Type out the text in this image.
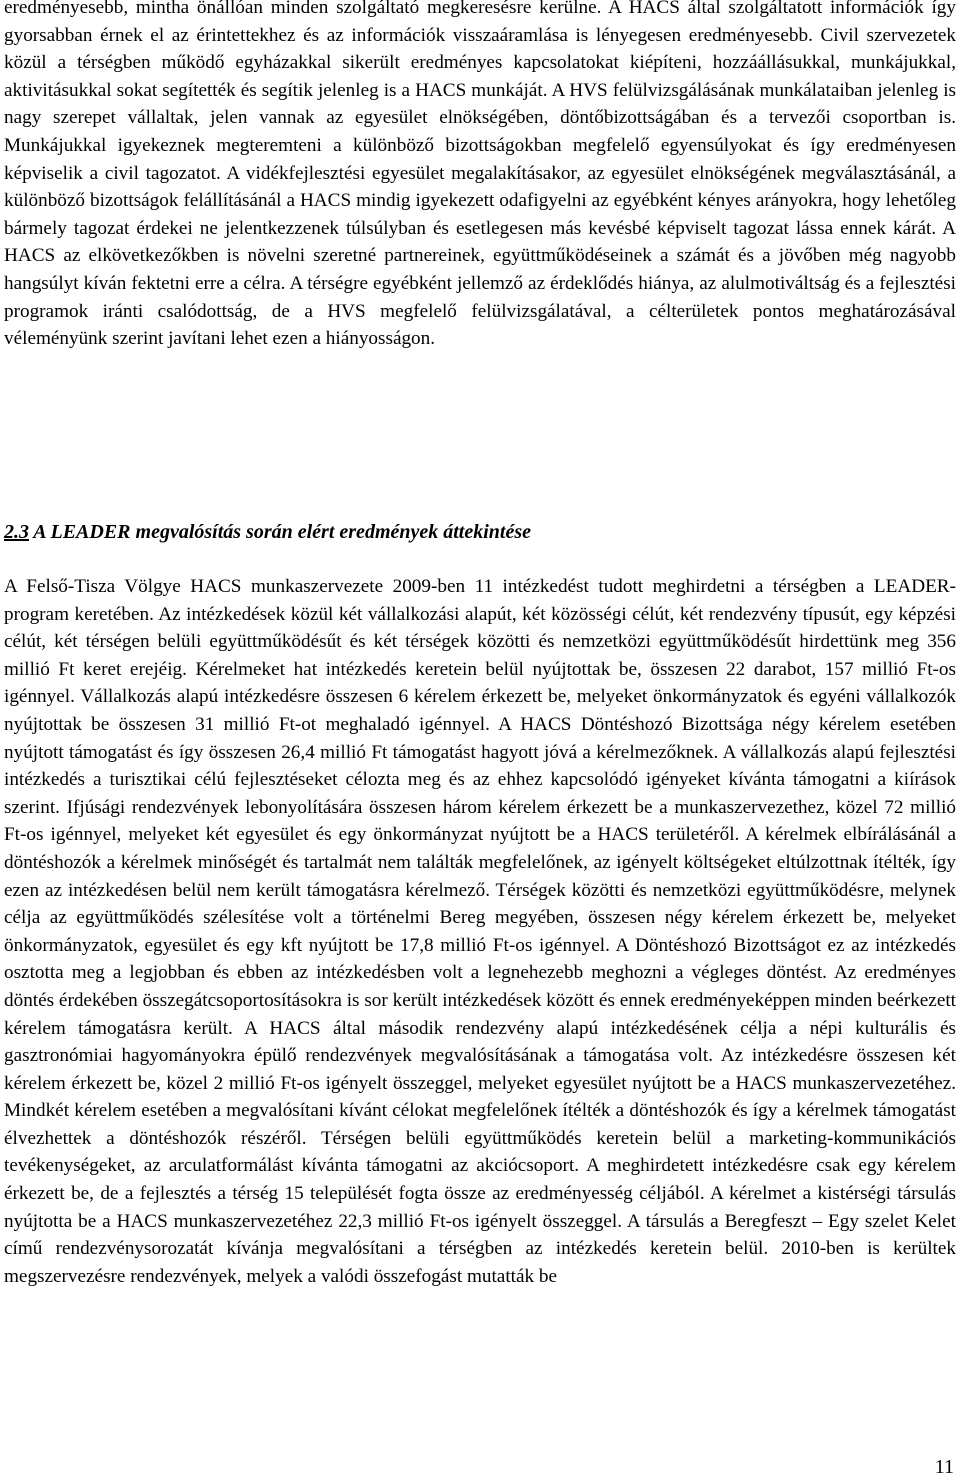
eredményesebb, mintha önállóan minden szolgáltató megkeresésre kerülne. A HACS által szolgáltatott információk így gyorsabban érnek el az érintettekhez és az információk visszaáramlása is lényegesen eredményesebb. Civil szervezetek közül a térségben működő egyházakkal sikerült eredményes kapcsolatokat kiépíteni, hozzáállásukkal, munkájukkal, aktivitásukkal sokat segítették és segítik jelenleg is a HACS munkáját. A HVS felülvizsgálásának munkálataiban jelenleg is nagy szerepet vállaltak, jelen vannak az egyesület elnökségében, döntőbizottságában és a tervezői csoportban is. Munkájukkal igyekeznek megteremteni a különböző bizottságokban megfelelő egyensúlyokat és így eredményesen képviselik a civil tagozatot. A vidékfejlesztési egyesület megalakításakor, az egyesület elnökségének megválasztásánál, a különböző bizottságok felállításánál a HACS mindig igyekezett odafigyelni az egyébként kényes arányokra, hogy lehetőleg bármely tagozat érdekei ne jelentkezzenek túlsúlyban és esetlegesen más kevésbé képviselt tagozat lássa ennek kárát. A HACS az elkövetkezőkben is növelni szeretné partnereinek, együttműködéseinek a számát és a jövőben még nagyobb hangsúlyt kíván fektetni erre a célra. A térségre egyébként jellemző az érdeklődés hiánya, az alulmotiváltság és a fejlesztési programok iránti csalódottság, de a HVS megfelelő felülvizsgálatával, a célterületek pontos meghatározásával véleményünk szerint javítani lehet ezen a hiányosságon.

2.3 A LEADER megvalósítás során elért eredmények áttekintése

A Felső-Tisza Völgye HACS munkaszervezete 2009-ben 11 intézkedést tudott meghirdetni a térségben a LEADER-program keretében. Az intézkedések közül két vállalkozási alapút, két közösségi célút, két rendezvény típusút, egy képzési célút, két térségen belüli együttműködésűt és két térségek közötti és nemzetközi együttműködésűt hirdettünk meg 356 millió Ft keret erejéig. Kérelmeket hat intézkedés keretein belül nyújtottak be, összesen 22 darabot, 157 millió Ft-os igénnyel. Vállalkozás alapú intézkedésre összesen 6 kérelem érkezett be, melyeket önkormányzatok és egyéni vállalkozók nyújtottak be összesen 31 millió Ft-ot meghaladó igénnyel. A HACS Döntéshozó Bizottsága négy kérelem esetében nyújtott támogatást és így összesen 26,4 millió Ft támogatást hagyott jóvá a kérelmezőknek. A vállalkozás alapú fejlesztési intézkedés a turisztikai célú fejlesztéseket célozta meg és az ehhez kapcsolódó igényeket kívánta támogatni a kiírások szerint. Ifjúsági rendezvények lebonyolítására összesen három kérelem érkezett be a munkaszervezethez, közel 72 millió Ft-os igénnyel, melyeket két egyesület és egy önkormányzat nyújtott be a HACS területéről. A kérelmek elbírálásánál a döntéshozók a kérelmek minőségét és tartalmát nem találták megfelelőnek, az igényelt költségeket eltúlzottnak ítélték, így ezen az intézkedésen belül nem került támogatásra kérelmező. Térségek közötti és nemzetközi együttműködésre, melynek célja az együttműködés szélesítése volt a történelmi Bereg megyében, összesen négy kérelem érkezett be, melyeket önkormányzatok, egyesület és egy kft nyújtott be 17,8 millió Ft-os igénnyel. A Döntéshozó Bizottságot ez az intézkedés osztotta meg a legjobban és ebben az intézkedésben volt a legnehezebb meghozni a végleges döntést. Az eredményes döntés érdekében összegátcsoportosításokra is sor került intézkedések között és ennek eredményeképpen minden beérkezett kérelem támogatásra került. A HACS által második rendezvény alapú intézkedésének célja a népi kulturális és gasztronómiai hagyományokra épülő rendezvények megvalósításának a támogatása volt. Az intézkedésre összesen két kérelem érkezett be, közel 2 millió Ft-os igényelt összeggel, melyeket egyesület nyújtott be a HACS munkaszervezetéhez. Mindkét kérelem esetében a megvalósítani kívánt célokat megfelelőnek ítélték a döntéshozók és így a kérelmek támogatást élvezhettek a döntéshozók részéről. Térségen belüli együttműködés keretein belül a marketing-kommunikációs tevékenységeket, az arculatformálást kívánta támogatni az akciócsoport. A meghirdetett intézkedésre csak egy kérelem érkezett be, de a fejlesztés a térség 15 települését fogta össze az eredményesség céljából. A kérelmet a kistérségi társulás nyújtotta be a HACS munkaszervezetéhez 22,3 millió Ft-os igényelt összeggel. A társulás a Beregfeszt – Egy szelet Kelet című rendezvénysorozatát kívánja megvalósítani a térségben az intézkedés keretein belül. 2010-ben is kerültek megszervezésre rendezvények, melyek a valódi összefogást mutatták be

11
